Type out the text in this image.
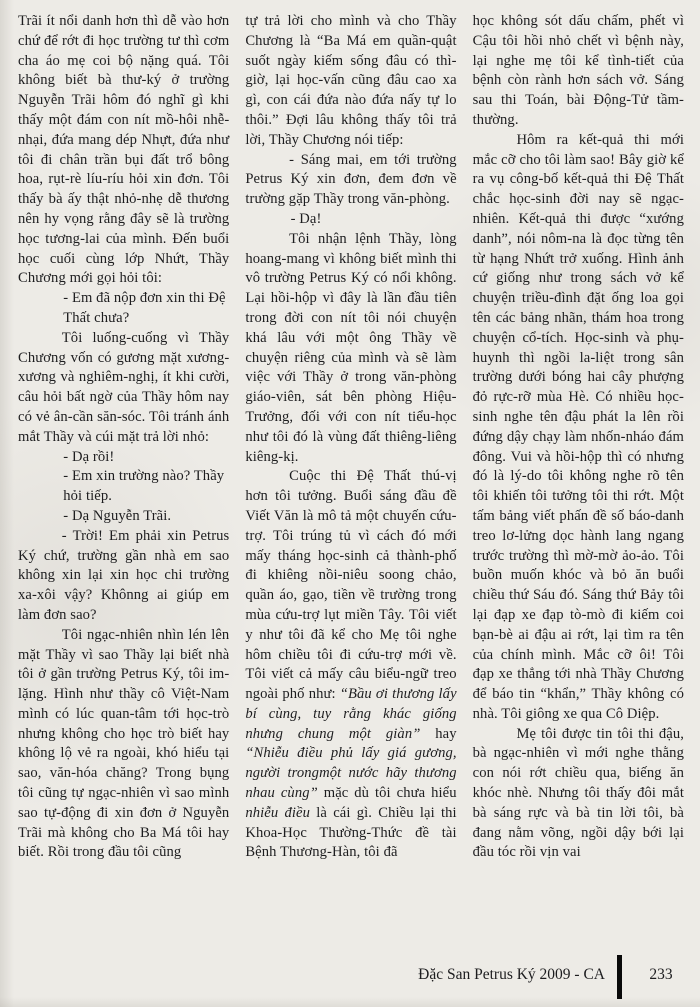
Trãi ít nổi danh hơn thì dễ vào hơn chứ để rớt đi học trường tư thì cơm cha áo mẹ coi bộ nặng quá. Tôi không biết bà thư-ký ở trường Nguyễn Trãi hôm đó nghĩ gì khi thấy một đám con nít mồ-hôi nhễ-nhại, đứa mang dép Nhựt, đứa như tôi đi chân trần bụi đất trổ bông hoa, rụt-rè líu-ríu hỏi xin đơn. Tôi thấy bà ấy thật nhỏ-nhẹ dễ thương nên hy vọng rằng đây sẽ là trường học tương-lai của mình. Đến buổi học cuối cùng lớp Nhứt, Thầy Chương mới gọi hỏi tôi:

- Em đã nộp đơn xin thi Đệ Thất chưa?

Tôi luống-cuống vì Thầy Chương vốn có gương mặt xương-xương và nghiêm-nghị, ít khi cười, câu hỏi bất ngờ của Thầy hôm nay có vẻ ân-cần săn-sóc. Tôi tránh ánh mắt Thầy và cúi mặt trả lời nhỏ:

- Dạ rồi!

- Em xin trường nào? Thầy hỏi tiếp.

- Dạ Nguyễn Trãi.

- Trời! Em phải xin Petrus Ký chứ, trường gần nhà em sao không xin lại xin học chi trường xa-xôi vậy? Khônng ai giúp em làm đơn sao?

Tôi ngạc-nhiên nhìn lén lên mặt Thầy vì sao Thầy lại biết nhà tôi ở gần trường Petrus Ký, tôi im-lặng. Hình như thầy cô Việt-Nam mình có lúc quan-tâm tới học-trò nhưng không cho học trò biết hay không lộ vẻ ra ngoài, khó hiểu tại sao, văn-hóa chăng? Trong bụng tôi cũng tự ngạc-nhiên vì sao mình sao tự-động đi xin đơn ở Nguyễn Trãi mà không cho Ba Má tôi hay biết. Rồi trong đầu tôi cũng

tự trả lời cho mình và cho Thầy Chương là “Ba Má em quần-quật suốt ngày kiếm sống đâu có thì-giờ, lại học-vấn cũng đâu cao xa gì, con cái đứa nào đứa nấy tự lo thôi.” Đợi lâu không thấy tôi trả lời, Thầy Chương nói tiếp:

- Sáng mai, em tới trường Petrus Ký xin đơn, đem đơn về trường gặp Thầy trong văn-phòng.

- Dạ!

Tôi nhận lệnh Thầy, lòng hoang-mang vì không biết mình thi vô trường Petrus Ký có nổi không. Lại hồi-hộp vì đây là lần đầu tiên trong đời con nít tôi nói chuyện khá lâu với một ông Thầy về chuyện riêng của mình và sẽ làm việc với Thầy ở trong văn-phòng giáo-viên, sát bên phòng Hiệu-Trưởng, đối với con nít tiểu-học như tôi đó là vùng đất thiêng-liêng kiêng-kị.

Cuộc thi Đệ Thất thú-vị hơn tôi tưởng. Buổi sáng đầu đề Viết Văn là mô tả một chuyến cứu-trợ. Tôi trúng tủ vì cách đó mới mấy tháng học-sinh cả thành-phố đi khiêng nồi-niêu soong chảo, quần áo, gạo, tiền về trường trong mùa cứu-trợ lụt miền Tây. Tôi viết y như tôi đã kể cho Mẹ tôi nghe hôm chiều tôi đi cứu-trợ mới về. Tôi viết cả mấy câu biểu-ngữ treo ngoài phố như: “Bầu ơi thương lấy bí cùng, tuy rằng khác giống nhưng chung một giàn” hay “Nhiễu điều phủ lấy giá gương, người trongmột nước hãy thương nhau cùng” mặc dù tôi chưa hiểu nhiễu điều là cái gì. Chiều lại thi Khoa-Học Thường-Thức đề tài Bệnh Thương-Hàn, tôi đã

học không sót dấu chấm, phết vì Cậu tôi hồi nhỏ chết vì bệnh này, lại nghe mẹ tôi kể tình-tiết của bệnh còn rành hơn sách vở. Sáng sau thi Toán, bài Động-Tử tầm-thường.

Hôm ra kết-quả thi mới mắc cỡ cho tôi làm sao! Bây giờ kể ra vụ công-bố kết-quả thi Đệ Thất chắc học-sinh đời nay sẽ ngạc-nhiên. Kết-quả thi được “xướng danh”, nói nôm-na là đọc từng tên từ hạng Nhứt trở xuống. Hình ảnh cứ giống như trong sách vở kể chuyện triều-đình đặt ống loa gọi tên các bảng nhãn, thám hoa trong chuyện cổ-tích. Học-sinh và phụ-huynh thì ngồi la-liệt trong sân trường dưới bóng hai cây phượng đỏ rực-rỡ mùa Hè. Có nhiều học-sinh nghe tên đậu phát la lên rồi đứng dậy chạy làm nhốn-nháo đám đông. Vui và hồi-hộp thì có nhưng đó là lý-do tôi không nghe rõ tên tôi khiến tôi tưởng tôi thi rớt. Một tấm bảng viết phấn đề số báo-danh treo lơ-lửng dọc hành lang ngang trước trường thì mờ-mờ ảo-ảo. Tôi buồn muốn khóc và bỏ ăn buổi chiều thứ Sáu đó. Sáng thứ Bảy tôi lại đạp xe đạp tò-mò đi kiếm coi bạn-bè ai đậu ai rớt, lại tìm ra tên của chính mình. Mắc cỡ ôi! Tôi đạp xe thẳng tới nhà Thầy Chương để báo tin “khẩn,” Thầy không có nhà. Tôi giông xe qua Cô Diệp.

Mẹ tôi được tin tôi thi đậu, bà ngạc-nhiên vì mới nghe thằng con nói rớt chiều qua, biếng ăn khóc nhè. Nhưng tôi thấy đôi mắt bà sáng rực và bà tin lời tôi, bà đang nằm võng, ngồi dậy bới lại đầu tóc rồi vịn vai

Đặc San Petrus Ký 2009 - CA	233
